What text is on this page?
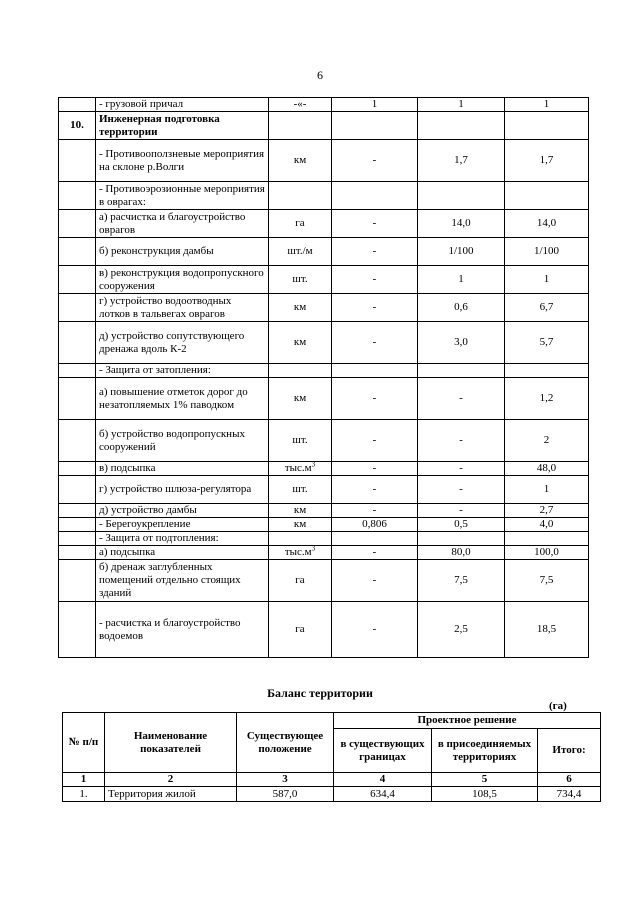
6
	- грузовой причал	-«-	1	1	1
10.	Инженерная подготовка территории				
	- Противооползневые мероприятия на склоне р.Волги	км	-	1,7	1,7
	- Противоэрозионные мероприятия в оврагах:				
	а) расчистка и благоустройство оврагов	га	-	14,0	14,0
	б) реконструкция дамбы	шт./м	-	1/100	1/100
	в) реконструкция водопропускного сооружения	шт.	-	1	1
	г) устройство водоотводных лотков в тальвегах оврагов	км	-	0,6	6,7
	д) устройство сопутствующего дренажа вдоль К-2	км	-	3,0	5,7
	- Защита от затопления:				
	а) повышение отметок дорог до незатопляемых 1% паводком	км	-	-	1,2
	б) устройство водопропускных сооружений	шт.	-	-	2
	в) подсыпка	$тыс.м^3$	-	-	48,0
	г) устройство шлюза-регулятора	шт.	-	-	1
	д) устройство дамбы	км	-	-	2,7
	- Берегоукрепление	км	0,806	0,5	4,0
	- Защита от подтопления:				
	а) подсыпка	$тыс.м^3$	-	80,0	100,0
	б) дренаж заглубленных помещений отдельно стоящих зданий	га	-	7,5	7,5
	- расчистка и благоустройство водоемов	га	-	2,5	18,5
Баланс территории
(га)
№ п/п	Наименование показателей	Существующее положение	Проектное решение		
			в существующих границах	в присоединяемых территориях	Итого:
1	2	3	4	5	6
1.	Территория жилой	587,0	634,4	108,5	734,4
